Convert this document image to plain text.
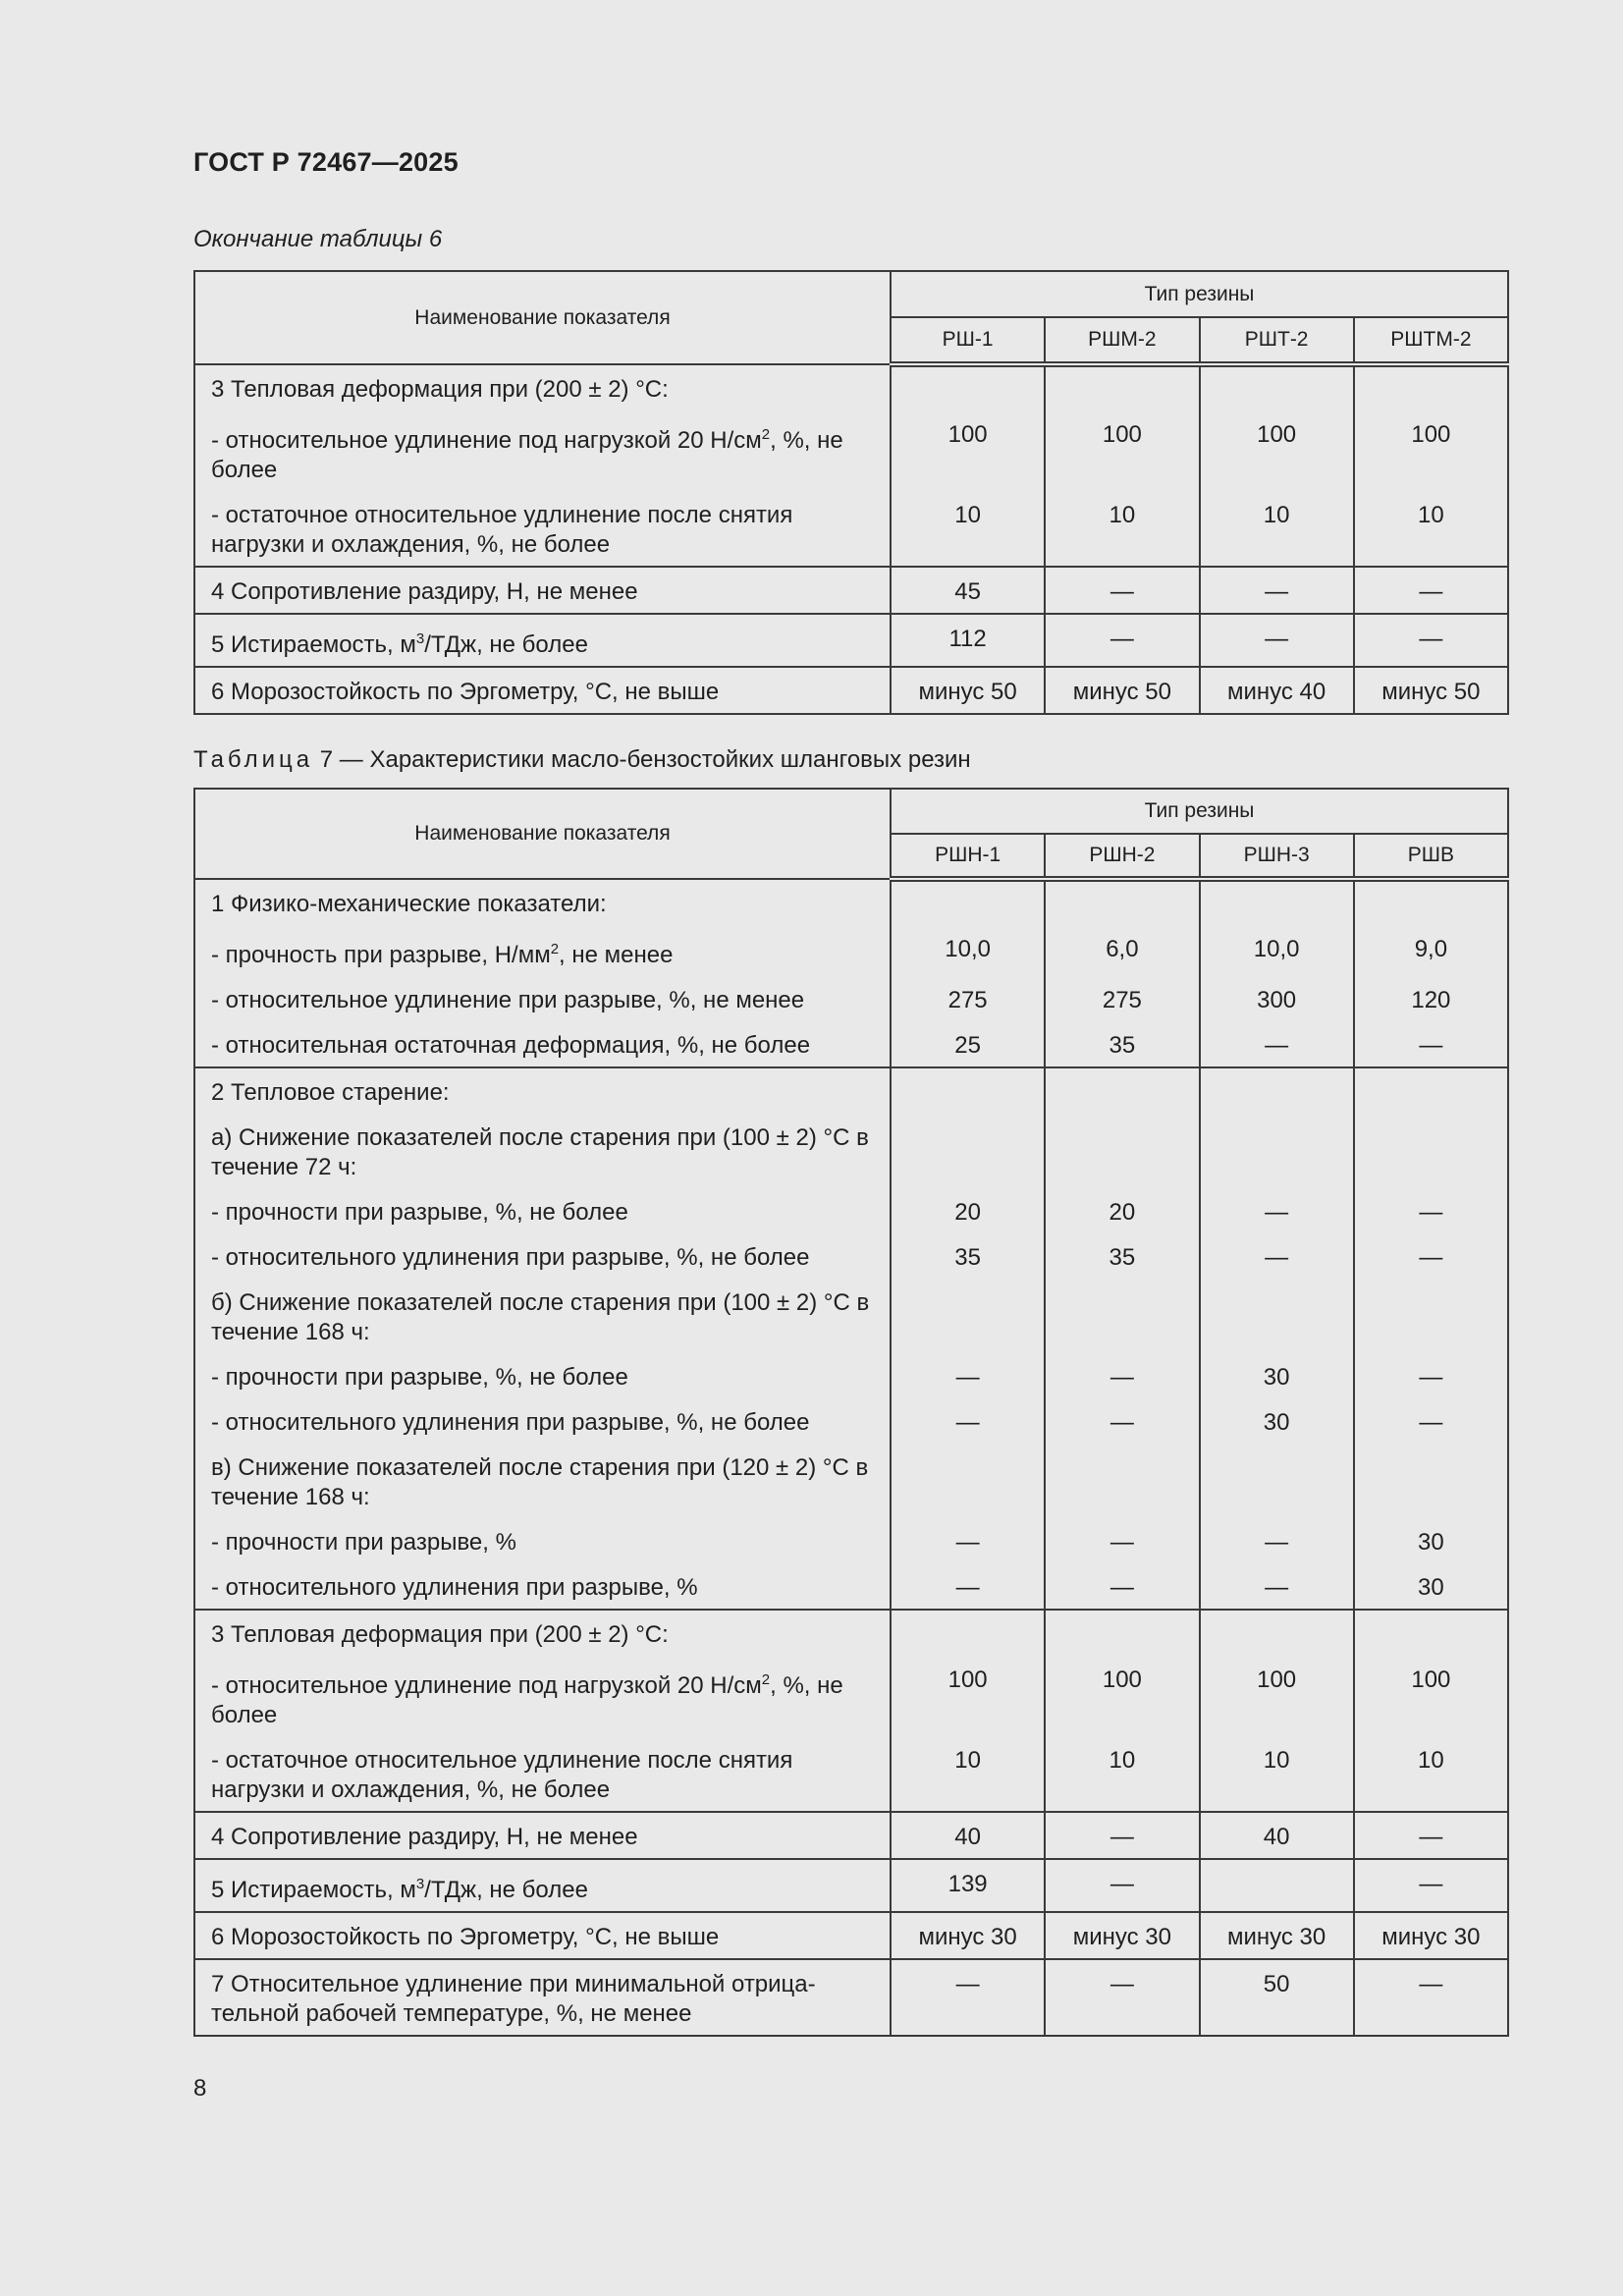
ГОСТ Р 72467—2025
Окончание таблицы 6
Наименование показателя	Тип резины			
	РШ-1	РШМ-2	РШТ-2	РШТМ-2
3 Тепловая деформация при (200 ± 2) °С:				
- относительное удлинение под нагрузкой 20 $Н/см^2$, %, не более	100	100	100	100
- остаточное относительное удлинение после снятия нагрузки и охлаждения, %, не более	10	10	10	10
4 Сопротивление раздиру, Н, не менее	45	—	—	—
5 Истираемость, $м^3$/ТДж, не более	112	—	—	—
6 Морозостойкость по Эргометру, °С, не выше	минус 50	минус 50	минус 40	минус 50
Таблица 7 — Характеристики масло-бензостойких шланговых резин
Наименование показателя	Тип резины			
	РШН-1	РШН-2	РШН-3	РШВ
1 Физико-механические показатели:				
- прочность при разрыве, $Н/мм^2$, не менее	10,0	6,0	10,0	9,0
- относительное удлинение при разрыве, %, не менее	275	275	300	120
- относительная остаточная деформация, %, не более	25	35	—	—
2 Тепловое старение:				
а) Снижение показателей после старения при (100 ± 2) °С в течение 72 ч:				
- прочности при разрыве, %, не более	20	20	—	—
- относительного удлинения при разрыве, %, не более	35	35	—	—
б) Снижение показателей после старения при (100 ± 2) °С в течение 168 ч:				
- прочности при разрыве, %, не более	—	—	30	—
- относительного удлинения при разрыве, %, не более	—	—	30	—
в) Снижение показателей после старения при (120 ± 2) °С в течение 168 ч:				
- прочности при разрыве, %	—	—	—	30
- относительного удлинения при разрыве, %	—	—	—	30
3 Тепловая деформация при (200 ± 2) °С:				
- относительное удлинение под нагрузкой 20 $Н/см^2$, %, не более	100	100	100	100
- остаточное относительное удлинение после снятия нагрузки и охлаждения, %, не более	10	10	10	10
4 Сопротивление раздиру, Н, не менее	40	—	40	—
5 Истираемость, $м^3$/ТДж, не более	139	—		—
6 Морозостойкость по Эргометру, °С, не выше	минус 30	минус 30	минус 30	минус 30
7 Относительное удлинение при минимальной отрица-тельной рабочей температуре, %, не менее	—	—	50	—
8
